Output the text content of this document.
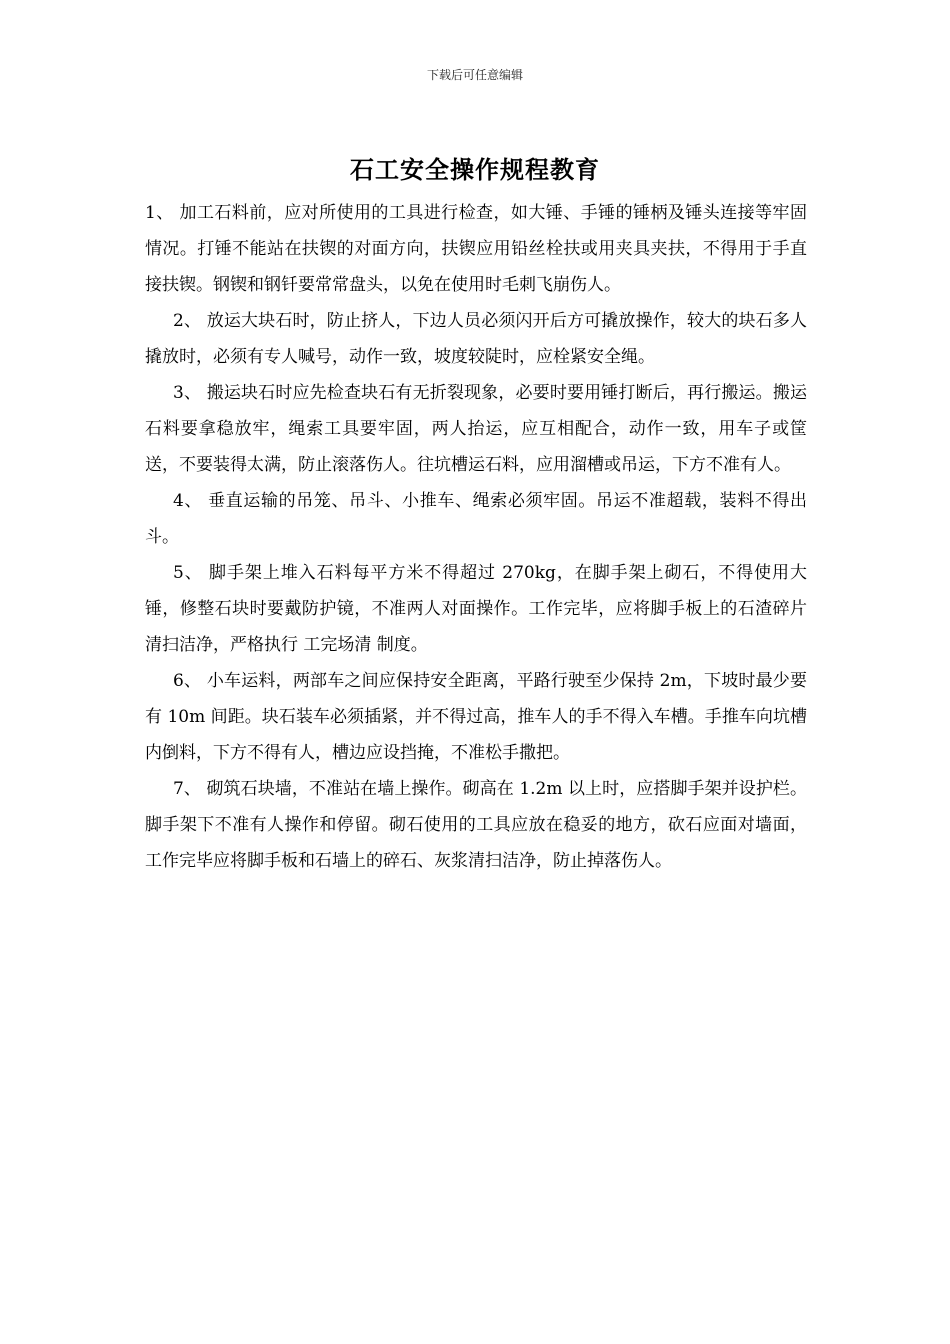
下载后可任意编辑
石工安全操作规程教育

1、 加工石料前，应对所使用的工具进行检查，如大锤、手锤的锤柄及锤头连接等牢固情况。打锤不能站在扶锲的对面方向，扶锲应用铅丝栓扶或用夹具夹扶，不得用于手直接扶锲。钢锲和钢钎要常常盘头，以免在使用时毛刺飞崩伤人。

2、 放运大块石时，防止挤人，下边人员必须闪开后方可撬放操作，较大的块石多人撬放时，必须有专人喊号，动作一致，坡度较陡时，应栓紧安全绳。

3、 搬运块石时应先检查块石有无折裂现象，必要时要用锤打断后，再行搬运。搬运石料要拿稳放牢，绳索工具要牢固，两人抬运，应互相配合，动作一致，用车子或筐送，不要装得太满，防止滚落伤人。往坑槽运石料，应用溜槽或吊运，下方不准有人。

4、 垂直运输的吊笼、吊斗、小推车、绳索必须牢固。吊运不准超载，装料不得出斗。

5、 脚手架上堆入石料每平方米不得超过 270kg，在脚手架上砌石，不得使用大锤，修整石块时要戴防护镜，不准两人对面操作。工作完毕，应将脚手板上的石渣碎片清扫洁净，严格执行 工完场清 制度。

6、 小车运料，两部车之间应保持安全距离，平路行驶至少保持 2m，下坡时最少要有 10m 间距。块石装车必须插紧，并不得过高，推车人的手不得入车槽。手推车向坑槽内倒料，下方不得有人，槽边应设挡掩，不准松手撒把。

7、 砌筑石块墙，不准站在墙上操作。砌高在 1.2m 以上时，应搭脚手架并设护栏。脚手架下不准有人操作和停留。砌石使用的工具应放在稳妥的地方，砍石应面对墙面，工作完毕应将脚手板和石墙上的碎石、灰浆清扫洁净，防止掉落伤人。
